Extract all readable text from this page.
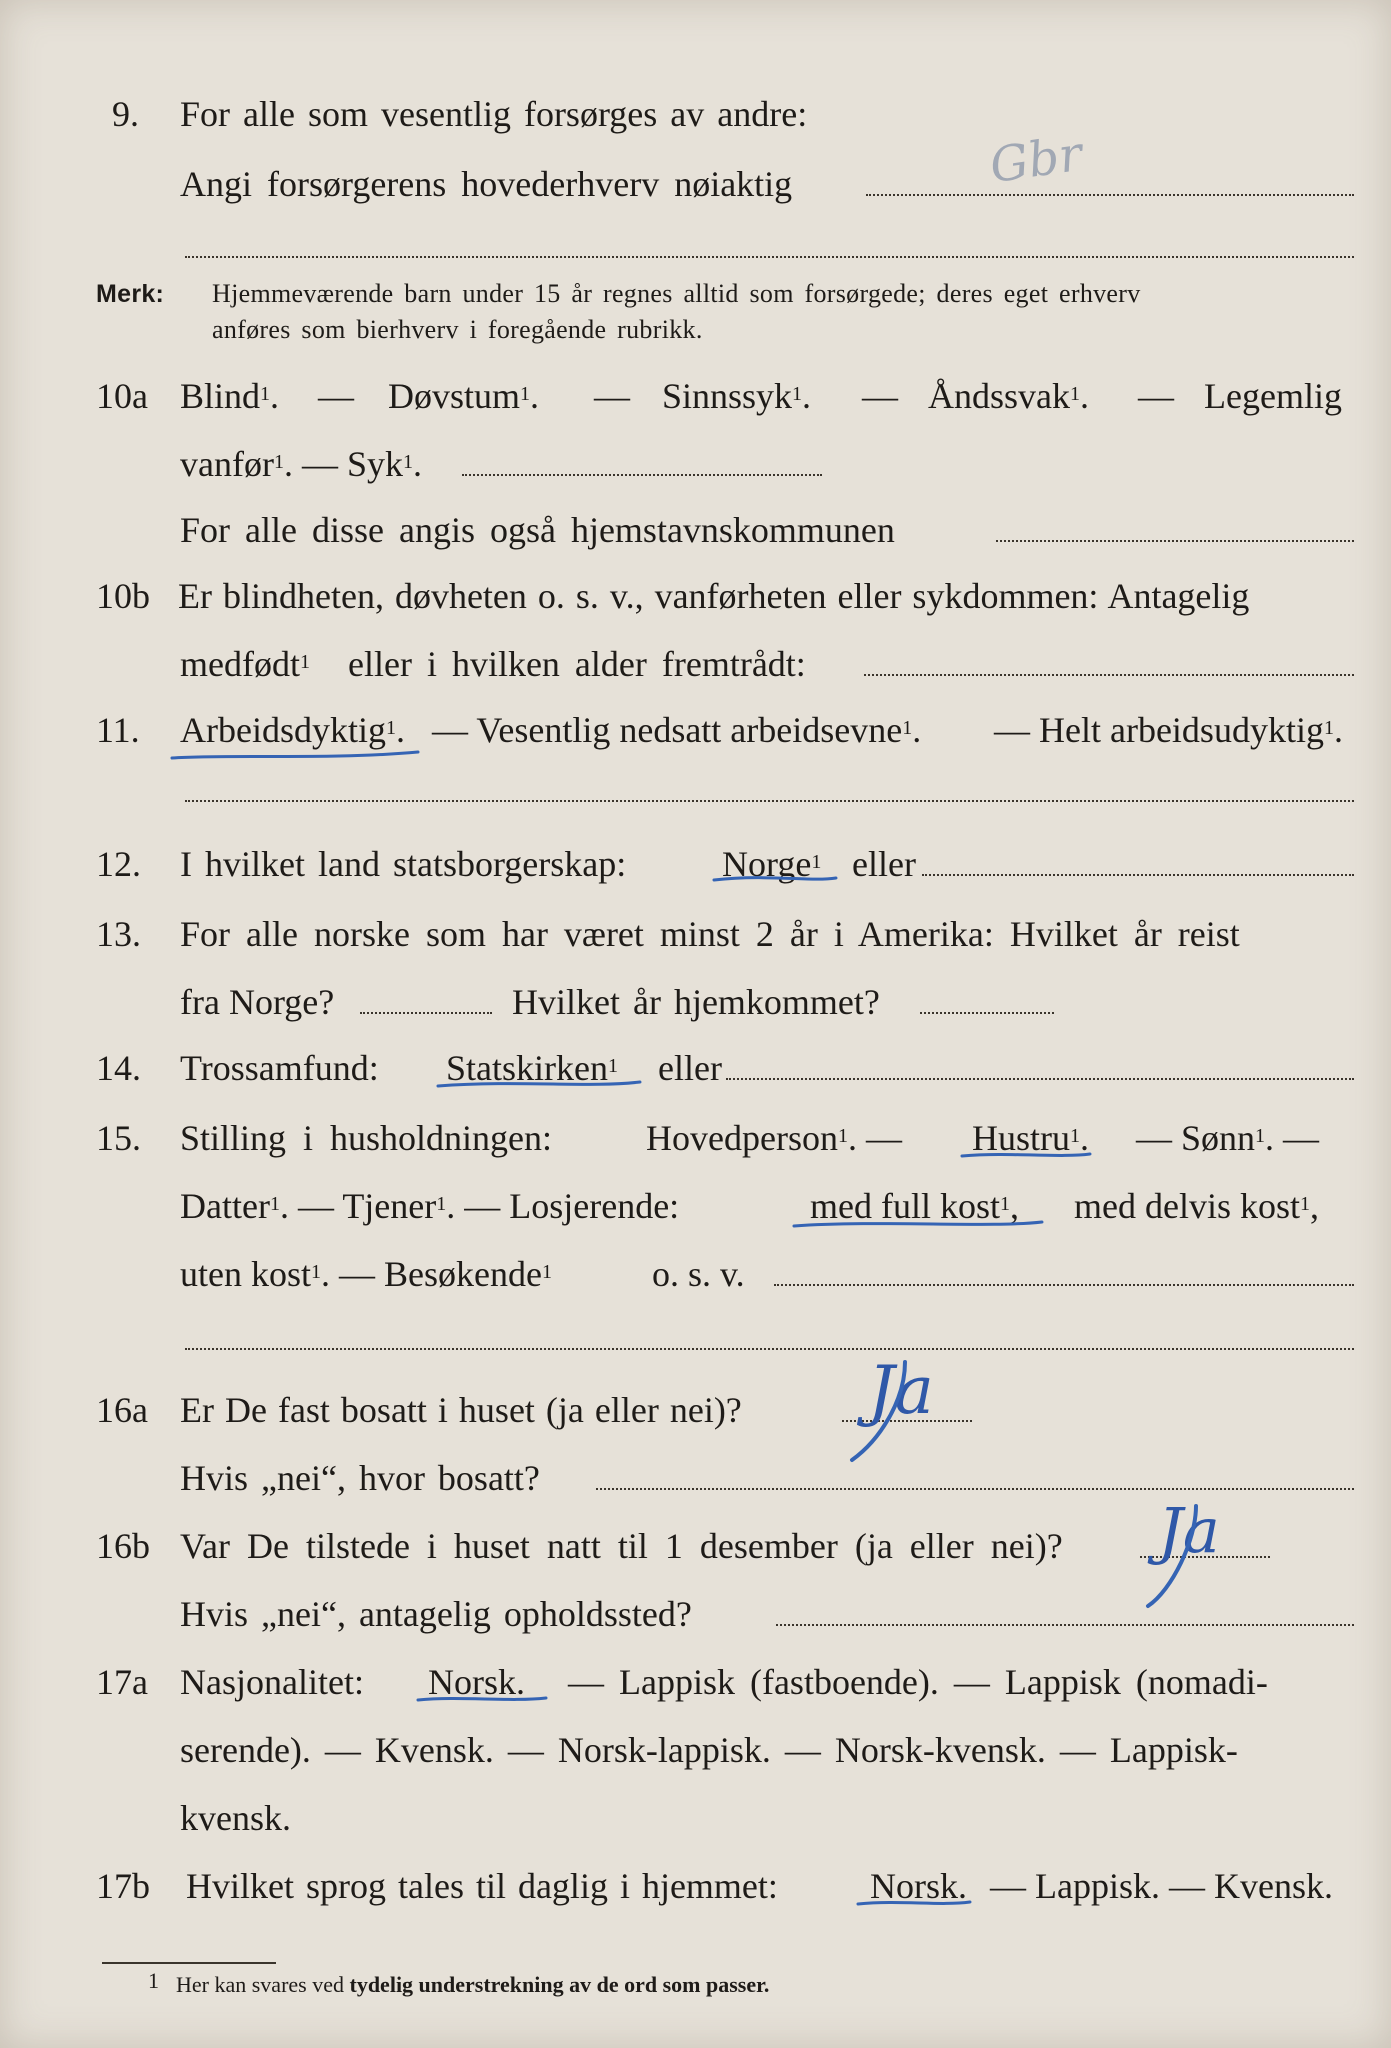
9. For alle som vesentlig forsørges av andre:
Angi forsørgerens hovederhverv nøiaktig	Gbr
Merk: Hjemmeværende barn under 15 år regnes alltid som forsørgede; deres eget erhverv
anføres som bierhverv i foregående rubrikk.
10a Blind$^1$. — Døvstum$^1$. — Sinnssyk$^1$. — Åndssvak$^1$. — Legemlig
vanfør$^1$. — Syk$^1$.
For alle disse angis også hjemstavnskommunen
10b Er blindheten, døvheten o. s. v., vanførheten eller sykdommen: Antagelig
medfødt$^1$ eller i hvilken alder fremtrådt:
11. Arbeidsdyktig$^1$. — Vesentlig nedsatt arbeidsevne$^1$. — Helt arbeidsudyktig$^1$.
12. I hvilket land statsborgerskap:	Norge$^1$ eller
13. For alle norske som har været minst 2 år i Amerika: Hvilket år reist
fra Norge?	Hvilket år hjemkommet?
14. Trossamfund: Statskirken$^1$ eller
15. Stilling i husholdningen:	Hovedperson$^1$. — Hustru$^1$. — Sønn$^1$. —
Datter$^1$. — Tjener$^1$. — Losjerende:	med full kost$^1$, med delvis kost$^1$,
uten kost$^1$. — Besøkende$^1$	o. s. v.
16a Er De fast bosatt i huset (ja eller nei)? Ja
Hvis „nei“, hvor bosatt?
16b Var De tilstede i huset natt til 1 desember (ja eller nei)? Ja
Hvis „nei“, antagelig opholdssted?
17a Nasjonalitet: Norsk. — Lappisk (fastboende). — Lappisk (nomadi-
serende). — Kvensk. — Norsk-lappisk. — Norsk-kvensk. — Lappisk-
kvensk.
17b Hvilket sprog tales til daglig i hjemmet:	Norsk. — Lappisk. — Kvensk.
1 Her kan svares ved tydelig understrekning av de ord som passer.
